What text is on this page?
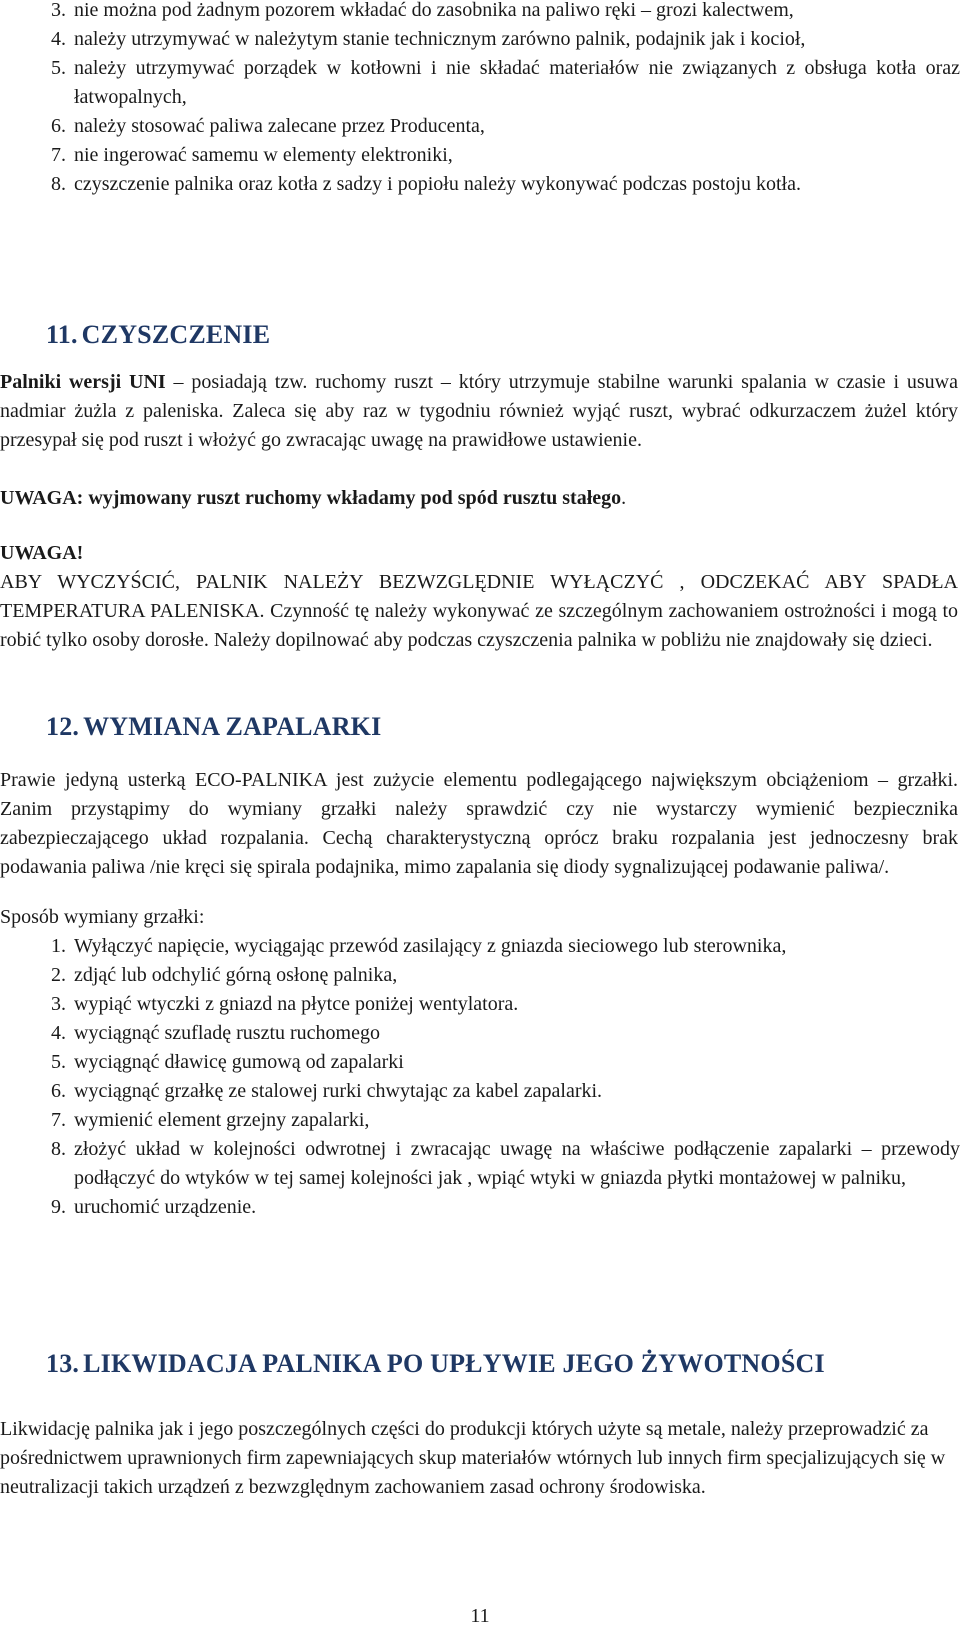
3. nie można pod żadnym pozorem wkładać do zasobnika na paliwo ręki – grozi kalectwem,
4. należy utrzymywać w należytym stanie technicznym zarówno palnik, podajnik jak i kocioł,
5. należy utrzymywać porządek w kotłowni i nie składać materiałów nie związanych z obsługa kotła oraz łatwopalnych,
6. należy stosować paliwa zalecane przez Producenta,
7. nie ingerować samemu w elementy elektroniki,
8. czyszczenie palnika oraz kotła z sadzy i popiołu należy wykonywać podczas postoju kotła.
11. CZYSZCZENIE

Palniki wersji UNI – posiadają tzw. ruchomy ruszt – który utrzymuje stabilne warunki spalania w czasie i usuwa nadmiar żużla z paleniska. Zaleca się aby raz w tygodniu również wyjąć ruszt, wybrać odkurzaczem żużel który przesypał się pod ruszt i włożyć go zwracając uwagę na prawidłowe ustawienie.

UWAGA: wyjmowany ruszt ruchomy wkładamy pod spód rusztu stałego.

UWAGA!
ABY WYCZYŚCIĆ, PALNIK NALEŻY BEZWZGLĘDNIE WYŁĄCZYĆ , ODCZEKAĆ ABY SPADŁA TEMPERATURA PALENISKA. Czynność tę należy wykonywać ze szczególnym zachowaniem ostrożności i mogą to robić tylko osoby dorosłe. Należy dopilnować aby podczas czyszczenia palnika w pobliżu nie znajdowały się dzieci.

12. WYMIANA ZAPALARKI

Prawie jedyną usterką ECO-PALNIKA jest zużycie elementu podlegającego największym obciążeniom – grzałki. Zanim przystąpimy do wymiany grzałki należy sprawdzić czy nie wystarczy wymienić bezpiecznika zabezpieczającego układ rozpalania. Cechą charakterystyczną oprócz braku rozpalania jest jednoczesny brak podawania paliwa /nie kręci się spirala podajnika, mimo zapalania się diody sygnalizującej podawanie paliwa/.

Sposób wymiany grzałki:

1. Wyłączyć napięcie, wyciągając przewód zasilający z gniazda sieciowego lub sterownika,
2. zdjąć lub odchylić górną osłonę palnika,
3. wypiąć wtyczki z gniazd na płytce poniżej wentylatora.
4. wyciągnąć szufladę rusztu ruchomego
5. wyciągnąć dławicę gumową od zapalarki
6. wyciągnąć grzałkę ze stalowej rurki chwytając za kabel zapalarki.
7. wymienić element grzejny zapalarki,
8. złożyć układ w kolejności odwrotnej i zwracając uwagę na właściwe podłączenie zapalarki – przewody podłączyć do wtyków w tej samej kolejności jak , wpiąć wtyki w gniazda płytki montażowej w palniku,
9. uruchomić urządzenie.
13. LIKWIDACJA PALNIKA PO UPŁYWIE JEGO ŻYWOTNOŚCI

Likwidację palnika jak i jego poszczególnych części do produkcji których użyte są metale, należy przeprowadzić za pośrednictwem uprawnionych firm zapewniających skup materiałów wtórnych lub innych firm specjalizujących się w neutralizacji takich urządzeń z bezwzględnym zachowaniem zasad ochrony środowiska.

11
